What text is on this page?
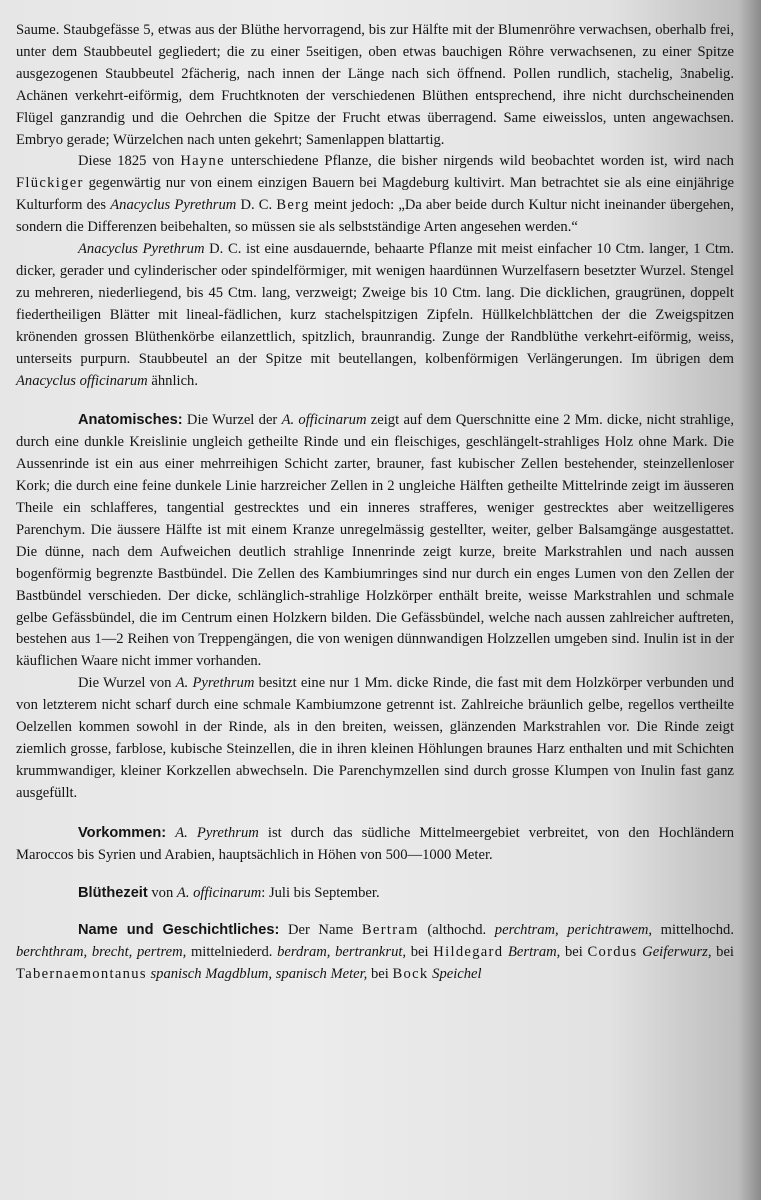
Saume. Staubgefässe 5, etwas aus der Blüthe hervorragend, bis zur Hälfte mit der Blumenröhre verwachsen, oberhalb frei, unter dem Staubbeutel gegliedert; die zu einer 5seitigen, oben etwas bauchigen Röhre verwachsenen, zu einer Spitze ausgezogenen Staubbeutel 2fächerig, nach innen der Länge nach sich öffnend. Pollen rundlich, stachelig, 3nabelig. Achänen verkehrt-eiförmig, dem Fruchtknoten der verschiedenen Blüthen entsprechend, ihre nicht durchscheinenden Flügel ganzrandig und die Oehrchen die Spitze der Frucht etwas überragend. Same eiweisslos, unten angewachsen. Embryo gerade; Würzelchen nach unten gekehrt; Samenlappen blattartig.

Diese 1825 von Hayne unterschiedene Pflanze, die bisher nirgends wild beobachtet worden ist, wird nach Flückiger gegenwärtig nur von einem einzigen Bauern bei Magdeburg kultivirt. Man betrachtet sie als eine einjährige Kulturform des Anacyclus Pyrethrum D. C. Berg meint jedoch: „Da aber beide durch Kultur nicht ineinander übergehen, sondern die Differenzen beibehalten, so müssen sie als selbstständige Arten angesehen werden.“

Anacyclus Pyrethrum D. C. ist eine ausdauernde, behaarte Pflanze mit meist einfacher 10 Ctm. langer, 1 Ctm. dicker, gerader und cylinderischer oder spindelförmiger, mit wenigen haardünnen Wurzelfasern besetzter Wurzel. Stengel zu mehreren, niederliegend, bis 45 Ctm. lang, verzweigt; Zweige bis 10 Ctm. lang. Die dicklichen, graugrünen, doppelt fiedertheiligen Blätter mit lineal-fädlichen, kurz stachelspitzigen Zipfeln. Hüllkelchblättchen der die Zweigspitzen krönenden grossen Blüthenkörbe eilanzettlich, spitzlich, braunrandig. Zunge der Randblüthe verkehrt-eiförmig, weiss, unterseits purpurn. Staubbeutel an der Spitze mit beutellangen, kolbenförmigen Verlängerungen. Im übrigen dem Anacyclus officinarum ähnlich.

Anatomisches: Die Wurzel der A. officinarum zeigt auf dem Querschnitte eine 2 Mm. dicke, nicht strahlige, durch eine dunkle Kreislinie ungleich getheilte Rinde und ein fleischiges, geschlängelt-strahliges Holz ohne Mark. Die Aussenrinde ist ein aus einer mehrreihigen Schicht zarter, brauner, fast kubischer Zellen bestehender, steinzellenloser Kork; die durch eine feine dunkele Linie harzreicher Zellen in 2 ungleiche Hälften getheilte Mittelrinde zeigt im äusseren Theile ein schlafferes, tangential gestrecktes und ein inneres strafferes, weniger gestrecktes aber weitzelligeres Parenchym. Die äussere Hälfte ist mit einem Kranze unregelmässig gestellter, weiter, gelber Balsamgänge ausgestattet. Die dünne, nach dem Aufweichen deutlich strahlige Innenrinde zeigt kurze, breite Markstrahlen und nach aussen bogenförmig begrenzte Bastbündel. Die Zellen des Kambiumringes sind nur durch ein enges Lumen von den Zellen der Bastbündel verschieden. Der dicke, schlänglich-strahlige Holzkörper enthält breite, weisse Markstrahlen und schmale gelbe Gefässbündel, die im Centrum einen Holzkern bilden. Die Gefässbündel, welche nach aussen zahlreicher auftreten, bestehen aus 1—2 Reihen von Treppengängen, die von wenigen dünnwandigen Holzzellen umgeben sind. Inulin ist in der käuflichen Waare nicht immer vorhanden.

Die Wurzel von A. Pyrethrum besitzt eine nur 1 Mm. dicke Rinde, die fast mit dem Holzkörper verbunden und von letzterem nicht scharf durch eine schmale Kambiumzone getrennt ist. Zahlreiche bräunlich gelbe, regellos vertheilte Oelzellen kommen sowohl in der Rinde, als in den breiten, weissen, glänzenden Markstrahlen vor. Die Rinde zeigt ziemlich grosse, farblose, kubische Steinzellen, die in ihren kleinen Höhlungen braunes Harz enthalten und mit Schichten krummwandiger, kleiner Korkzellen abwechseln. Die Parenchymzellen sind durch grosse Klumpen von Inulin fast ganz ausgefüllt.

Vorkommen: A. Pyrethrum ist durch das südliche Mittelmeergebiet verbreitet, von den Hochländern Maroccos bis Syrien und Arabien, hauptsächlich in Höhen von 500—1000 Meter.

Blüthezeit von A. officinarum: Juli bis September.

Name und Geschichtliches: Der Name Bertram (althochd. perchtram, perichtrawem, mittelhochd. berchthram, brecht, pertrem, mittelniederd. berdram, bertrankrut, bei Hildegard Bertram, bei Cordus Geiferwurz, bei Tabernaemontanus spanisch Magdblum, spanisch Meter, bei Bock Speichel
